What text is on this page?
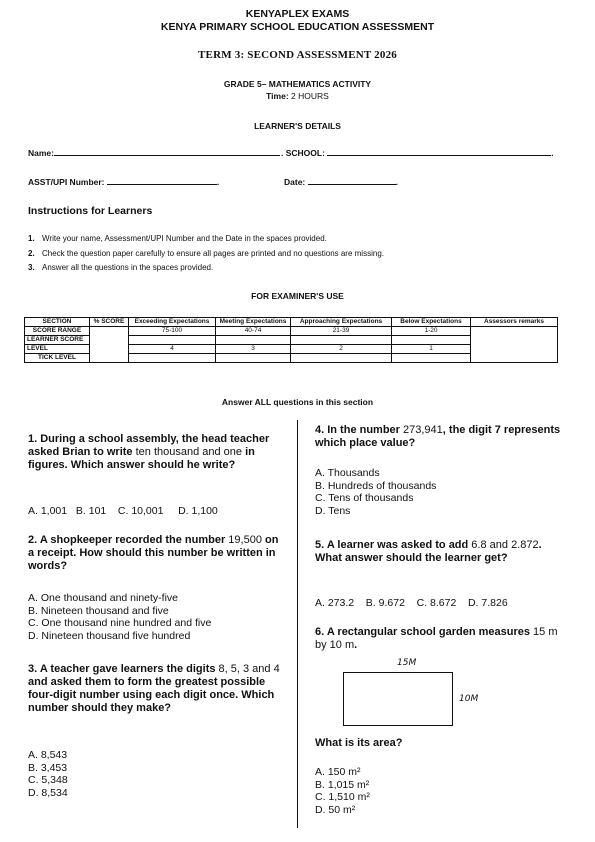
KENYAPLEX EXAMS
KENYA PRIMARY SCHOOL EDUCATION ASSESSMENT
TERM 3: SECOND ASSESSMENT 2026
GRADE 5– MATHEMATICS ACTIVITY
Time: 2 HOURS
LEARNER'S DETAILS
Name:	. SCHOOL:	.
ASST/UPI Number:	.	Date:	.
Instructions for Learners
1. Write your name, Assessment/UPI Number and the Date in the spaces provided.
2. Check the question paper carefully to ensure all pages are printed and no questions are missing.
3. Answer all the questions in the spaces provided.
FOR EXAMINER'S USE
SECTION	% SCORE	Exceeding Expectations	Meeting Expectations	Approaching Expectations	Below Expectations	Assessors remarks
SCORE RANGE		75-100	40-74	21-39	1-20	
LEARNER SCORE						
LEVEL		4	3	2	1	
TICK LEVEL						
Answer ALL questions in this section
1. During a school assembly, the head teacher asked Brian to write ten thousand and one in figures. Which answer should he write?
A. 1,001 B. 101 C. 10,001 D. 1,100
2. A shopkeeper recorded the number 19,500 on a receipt. How should this number be written in words?
A. One thousand and ninety-five
B. Nineteen thousand and five
C. One thousand nine hundred and five
D. Nineteen thousand five hundred
3. A teacher gave learners the digits 8, 5, 3 and 4 and asked them to form the greatest possible four-digit number using each digit once. Which number should they make?
A. 8,543
B. 3,453
C. 5,348
D. 8,534
4. In the number 273,941, the digit 7 represents which place value?
A. Thousands
B. Hundreds of thousands
C. Tens of thousands
D. Tens
5. A learner was asked to add 6.8 and 2.872. What answer should the learner get?
A. 273.2 B. 9.672 C. 8.672 D. 7.826
6. A rectangular school garden measures 15 m by 10 m.
15M
10M
What is its area?
A. 150 m²
B. 1,015 m²
C. 1,510 m²
D. 50 m²
